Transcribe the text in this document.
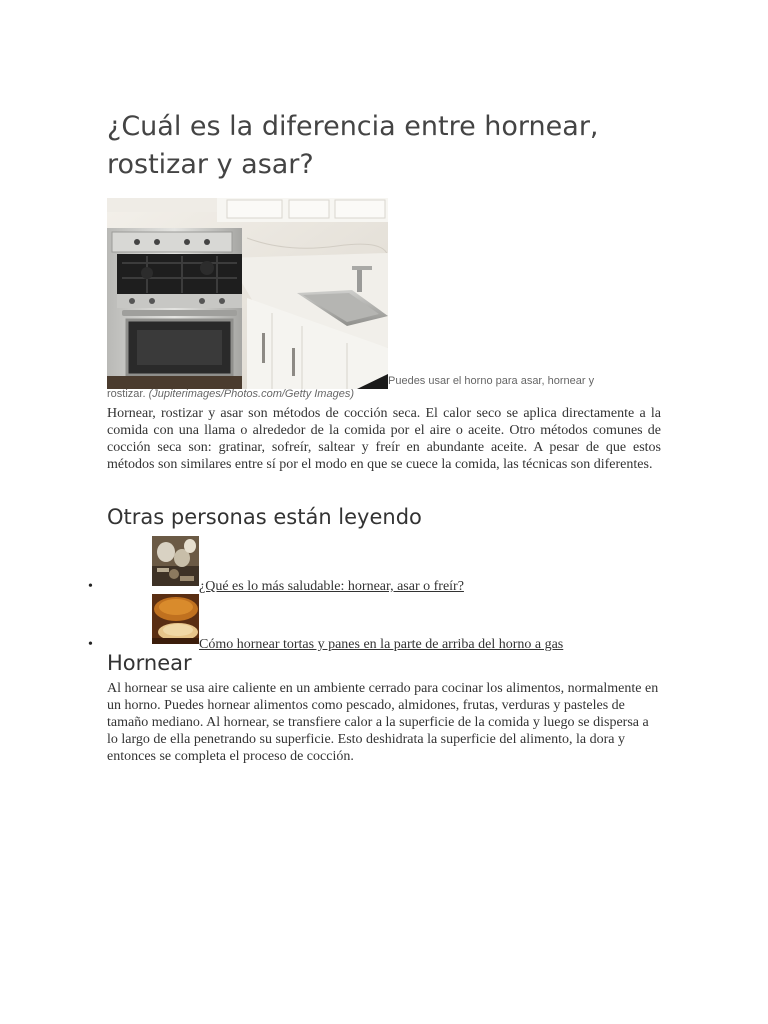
¿Cuál es la diferencia entre hornear, rostizar y asar?
Puedes usar el horno para asar, hornear y
rostizar. (Jupiterimages/Photos.com/Getty Images)

Hornear, rostizar y asar son métodos de cocción seca. El calor seco se aplica directamente a la comida con una llama o alrededor de la comida por el aire o aceite. Otro métodos comunes de cocción seca son: gratinar, sofreír, saltear y freír en abundante aceite. A pesar de que estos métodos son similares entre sí por el modo en que se cuece la comida, las técnicas son diferentes.

Otras personas están leyendo
•	¿Qué es lo más saludable: hornear, asar o freír?
•	Cómo hornear tortas y panes en la parte de arriba del horno a gas
Hornear

Al hornear se usa aire caliente en un ambiente cerrado para cocinar los alimentos, normalmente en un horno. Puedes hornear alimentos como pescado, almidones, frutas, verduras y pasteles de tamaño mediano. Al hornear, se transfiere calor a la superficie de la comida y luego se dispersa a lo largo de ella penetrando su superficie. Esto deshidrata la superficie del alimento, la dora y entonces se completa el proceso de cocción.
